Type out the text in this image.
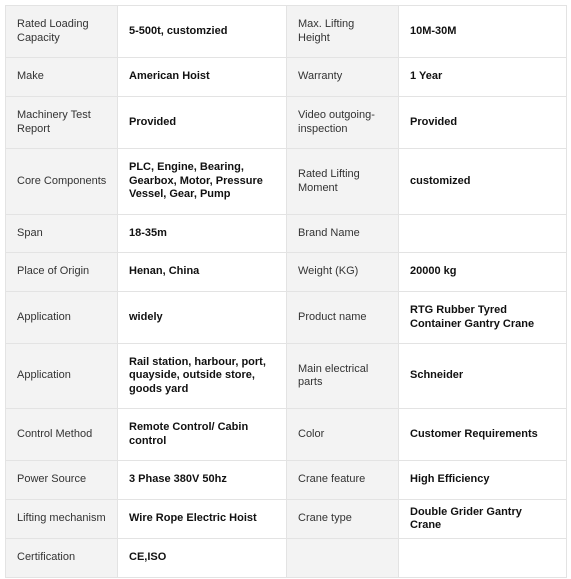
Rated Loading Capacity	5-500t, customzied	Max. Lifting Height	10M-30M
Make	American Hoist	Warranty	1 Year
Machinery Test Report	Provided	Video outgoing-inspection	Provided
Core Components	PLC, Engine, Bearing, Gearbox, Motor, Pressure Vessel, Gear, Pump	Rated Lifting Moment	customized
Span	18-35m	Brand Name	
Place of Origin	Henan, China	Weight (KG)	20000 kg
Application	widely	Product name	RTG Rubber Tyred Container Gantry Crane
Application	Rail station, harbour, port, quayside, outside store, goods yard	Main electrical parts	Schneider
Control Method	Remote Control/ Cabin control	Color	Customer Requirements
Power Source	3 Phase 380V 50hz	Crane feature	High Efficiency
Lifting mechanism	Wire Rope Electric Hoist	Crane type	Double Grider Gantry Crane
Certification	CE,ISO		
